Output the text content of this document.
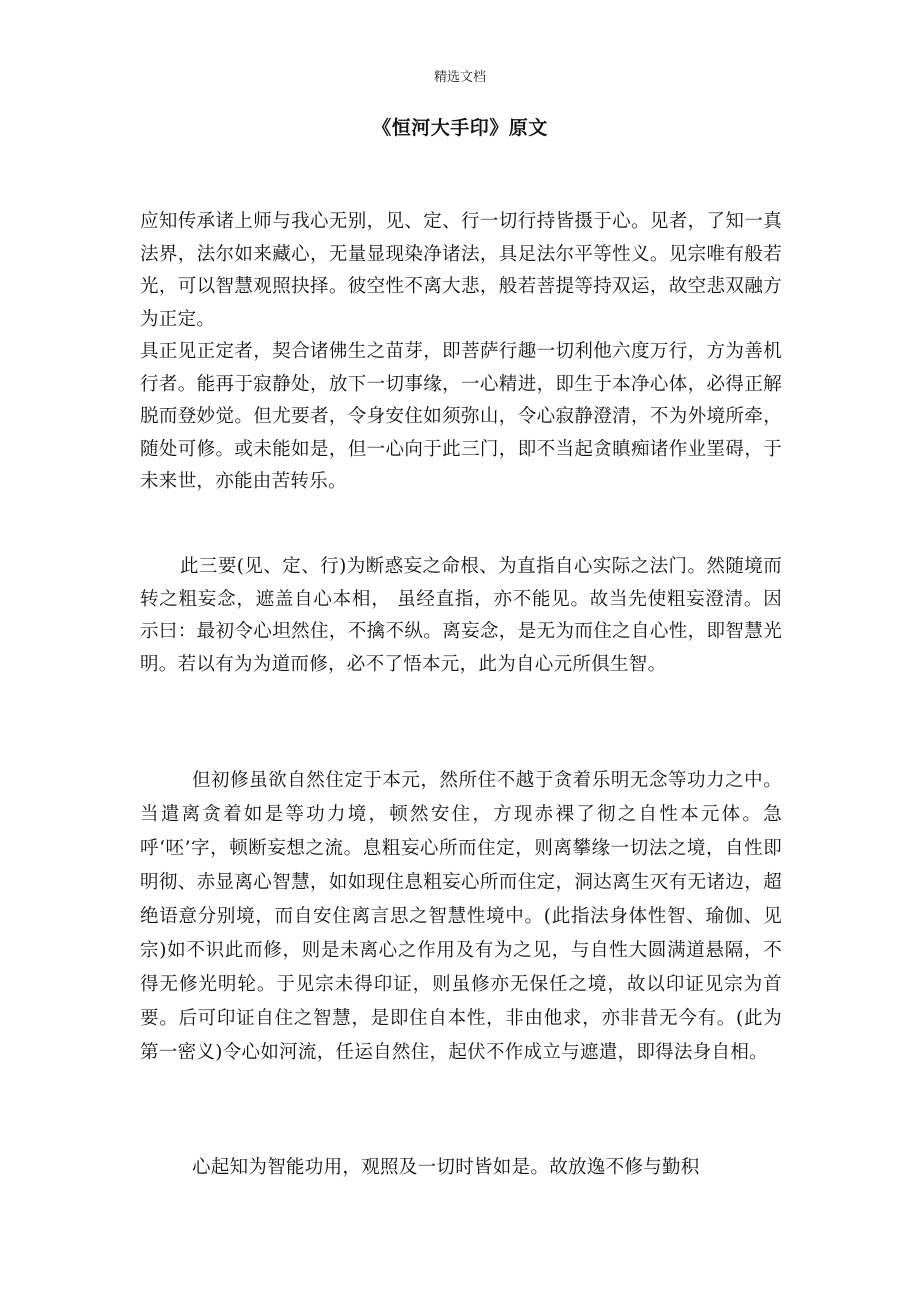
精选文档
《恒河大手印》原文

应知传承诸上师与我心无别，见、定、行一切行持皆摄于心。见者，了知一真法界，法尔如来藏心，无量显现染净诸法，具足法尔平等性义。见宗唯有般若光，可以智慧观照抉择。彼空性不离大悲，般若菩提等持双运，故空悲双融方为正定。

具正见正定者，契合诸佛生之苗芽，即菩萨行趣一切利他六度万行，方为善机行者。能再于寂静处，放下一切事缘，一心精进，即生于本净心体，必得正解脱而登妙觉。但尤要者，令身安住如须弥山，令心寂静澄清，不为外境所牵，随处可修。或未能如是，但一心向于此三门，即不当起贪瞋痴诸作业罣碍，于未来世，亦能由苦转乐。

此三要(见、定、行)为断惑妄之命根、为直指自心实际之法门。然随境而转之粗妄念，遮盖自心本相， 虽经直指，亦不能见。故当先使粗妄澄清。因示曰：最初令心坦然住，不擒不纵。离妄念，是无为而住之自心性，即智慧光明。若以有为为道而修，必不了悟本元，此为自心元所俱生智。

但初修虽欲自然住定于本元，然所住不越于贪着乐明无念等功力之中。当遣离贪着如是等功力境，顿然安住，方现赤裸了彻之自性本元体。急呼‘呸’字，顿断妄想之流。息粗妄心所而住定，则离攀缘一切法之境，自性即明彻、赤显离心智慧，如如现住息粗妄心所而住定，洞达离生灭有无诸边，超绝语意分别境，而自安住离言思之智慧性境中。(此指法身体性智、瑜伽、见宗)如不识此而修，则是未离心之作用及有为之见，与自性大圆满道悬隔，不得无修光明轮。于见宗未得印证，则虽修亦无保任之境，故以印证见宗为首要。后可印证自住之智慧，是即住自本性，非由他求，亦非昔无今有。(此为第一密义)令心如河流，任运自然住，起伏不作成立与遮遣，即得法身自相。

心起知为智能功用，观照及一切时皆如是。故放逸不修与勤积
